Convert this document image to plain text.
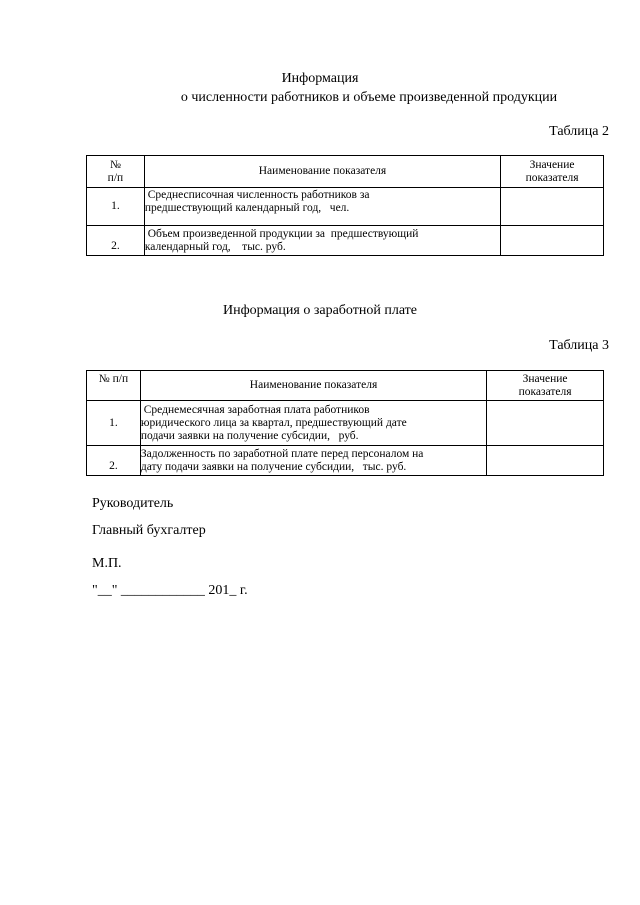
Информация
о численности работников и объеме произведенной продукции
Таблица 2
№
п/п	Наименование показателя	Значение
показателя
1.	Среднесписочная численность работников за
предшествующий календарный год,   чел.	
2.	Объем произведенной продукции за  предшествующий
календарный год,    тыс. руб.	
Информация о заработной плате
Таблица 3
№ п/п	Наименование показателя	Значение
показателя
1.	Среднемесячная заработная плата работников
юридического лица за квартал, предшествующий дате
подачи заявки на получение субсидии,   руб.	
2.	Задолженность по заработной плате перед персоналом на
дату подачи заявки на получение субсидии,   тыс. руб.	
Руководитель
Главный бухгалтер
М.П.
"__" ____________ 201_ г.
